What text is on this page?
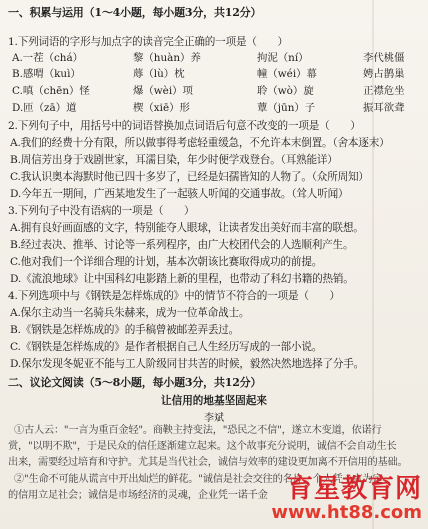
一、积累与运用（1～4小题，每小题3分，共12分）
1.下列词语的字形与加点字的读音完全正确的一项是（　　）
A.一茬（chá）	黎（huàn）养	拘泥（ní）	李代桃僵
B.感喟（kuì）	蓐（lù）枕	幢（wéi）幕	娉占鹊巢
C.嗔（chēn）怪	爆（wèi）项	聆（wò）旋	正襟危坐
D.匝（zā）道	楔（xiē）形	蕈（jūn）子	振耳欲聋
2.下列句子中，用括号中的词语替换加点词语后句意不改变的一项是（　　）
A.我们的经费十分有限，所以做事得考虑轻重缓急，不允许本末倒置。（舍本逐末）
B.周信芳出身于戏剧世家，耳濡目染，年少时便学戏登台。（耳熟能详）
C.我认识奥本海默时他已四十多岁了，已经是妇孺皆知的人物了。（众所周知）
D.今年五一期间，广西某地发生了一起骇人听闻的交通事故。（耸人听闻）
3.下列句子中没有语病的一项是（　　）
A.拥有良好画面感的文字，特别能夺人眼球，让读者发出美好而丰富的联想。
B.经过表决、推举、讨论等一系列程序，由广大校团代会的人选顺利产生。
C.他对我们一个详细合理的计划，基本次朝该比赛取得成功的前提。
D.《流浪地球》让中国科幻电影踏上新的里程，也带动了科幻书籍的热销。
4.下列选项中与《钢铁是怎样炼成的》中的情节不符合的一项是（　　）
A.保尔主动当一名骑兵朱赫来，成为一位革命战士。
B.《钢铁是怎样炼成的》的手稿曾被邮差弄丢过。
C.《钢铁是怎样炼成的》是作者根据自己人生经历写成的一部小说。
D.保尔发现冬妮亚不能与工人阶级同甘共苦的时候，毅然决然地选择了分手。
二、议论文阅读（5～8小题，每小题3分，共12分）
让信用的地基坚固起来
李斌
①古人云："一言为重百金轻"。商鞅主持变法，"恐民之不信"，遂立木变道，依诺行
赏，"以明不欺"，于是民众的信任逐渐建立起来。这个故事充分说明，诚信不会自动生长
出来，需要经过培育和守护。尤其是当代社会，诚信与效率的建设更加离不开信用的基础。
②"生命不可能从谎言中开出灿烂的鲜花。"诚信是社会交往的名片，个人凭一言为定
的信用立足社会；诚信是市场经济的灵魂，企业凭一诺千金 育星教育网
www.ht88.com
